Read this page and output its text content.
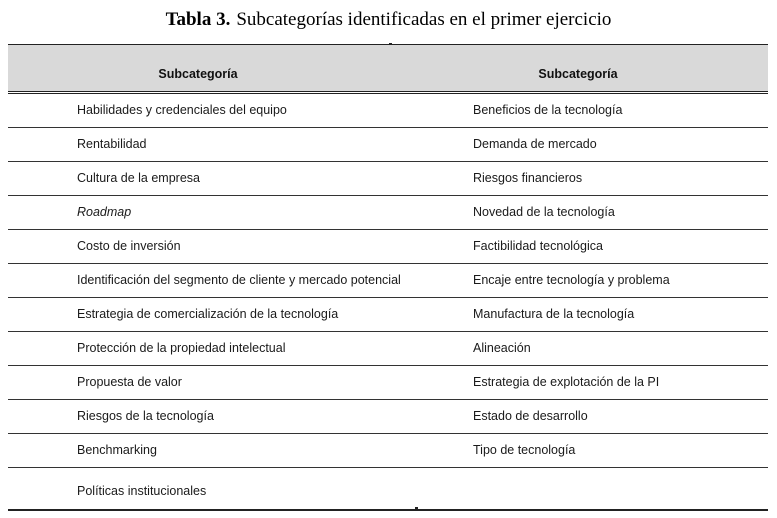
Tabla 3. Subcategorías identificadas en el primer ejercicio
Subcategoría	Subcategoría
Habilidades y credenciales del equipo	Beneficios de la tecnología
Rentabilidad	Demanda de mercado
Cultura de la empresa	Riesgos financieros
Roadmap	Novedad de la tecnología
Costo de inversión	Factibilidad tecnológica
Identificación del segmento de cliente y mercado potencial	Encaje entre tecnología y problema
Estrategia de comercialización de la tecnología	Manufactura de la tecnología
Protección de la propiedad intelectual	Alineación
Propuesta de valor	Estrategia de explotación de la PI
Riesgos de la tecnología	Estado de desarrollo
Benchmarking	Tipo de tecnología
Políticas institucionales
